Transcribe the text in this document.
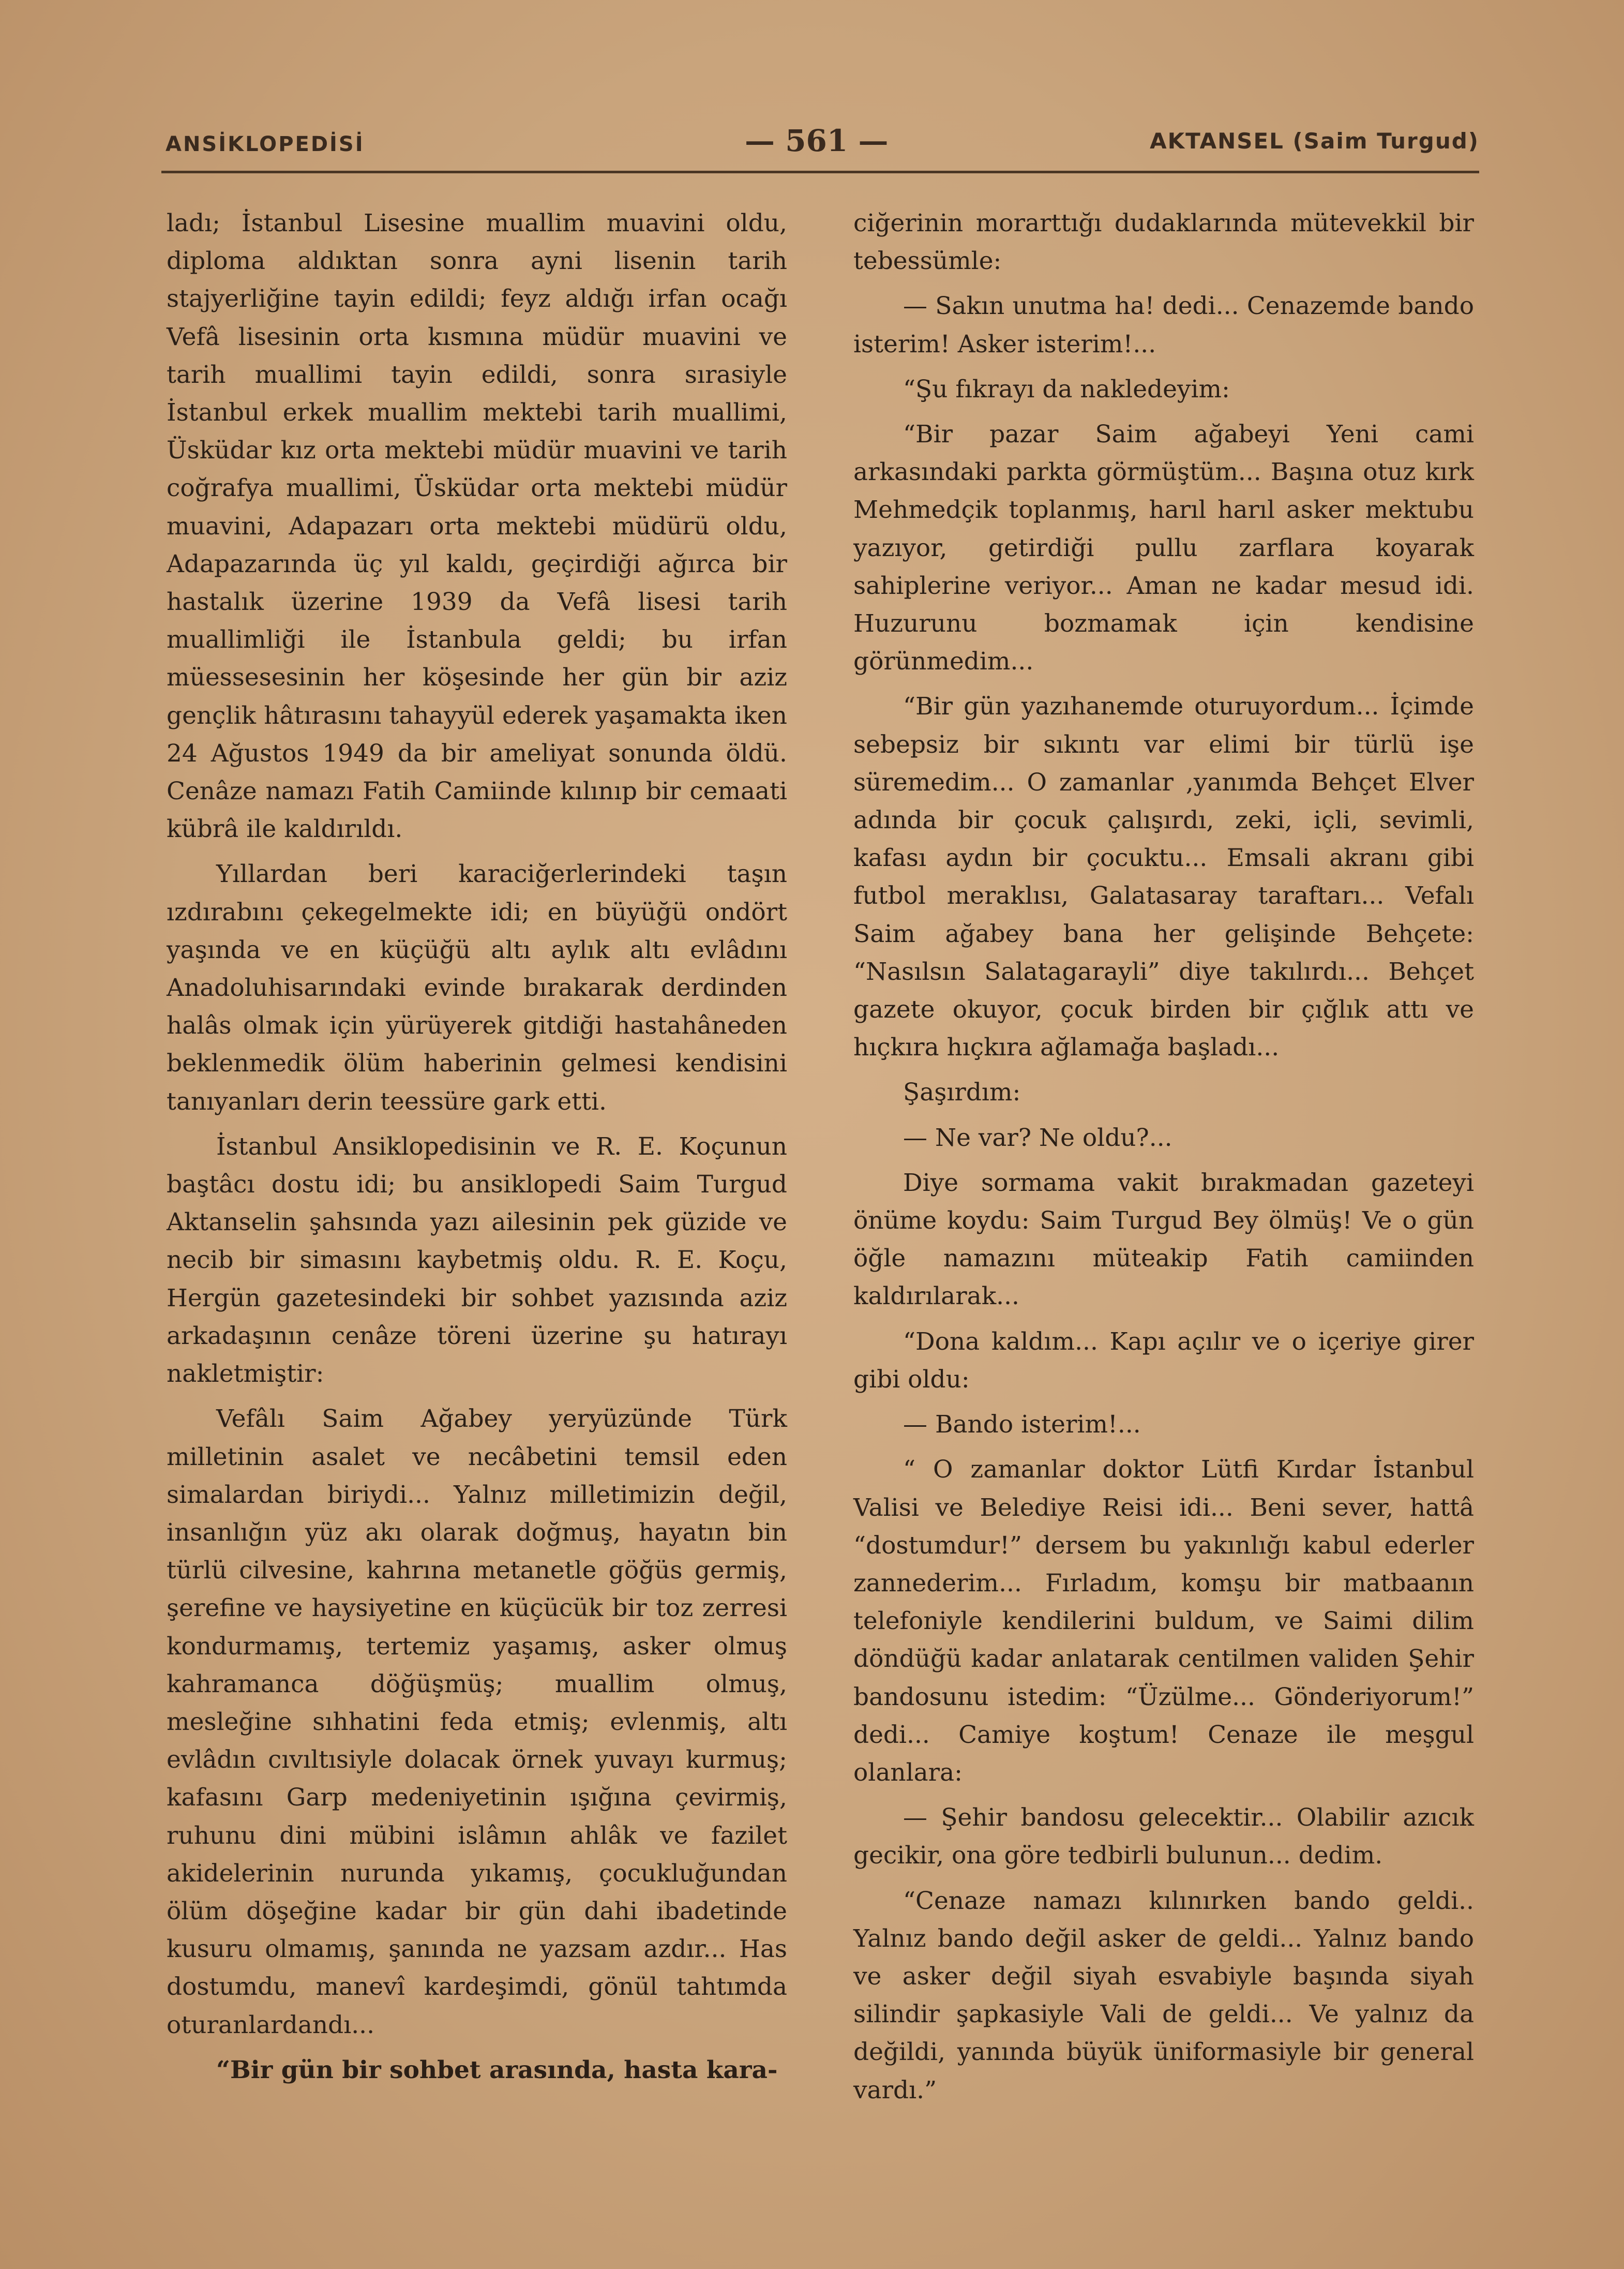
ANSİKLOPEDİSİ	— 561 —	AKTANSEL (Saim Turgud)

ladı; İstanbul Lisesine muallim muavini oldu, diploma aldıktan sonra ayni lisenin tarih stajyerliğine tayin edildi; feyz aldığı irfan ocağı Vefâ lisesinin orta kısmına müdür muavini ve tarih muallimi tayin edildi, sonra sırasiyle İstanbul erkek muallim mektebi tarih muallimi, Üsküdar kız orta mektebi müdür muavini ve tarih coğrafya muallimi, Üsküdar orta mektebi müdür muavini, Adapazarı orta mektebi müdürü oldu, Adapazarında üç yıl kaldı, geçirdiği ağırca bir hastalık üzerine 1939 da Vefâ lisesi tarih muallimliği ile İstanbula geldi; bu irfan müessesesinin her köşesinde her gün bir aziz gençlik hâtırasını tahayyül ederek yaşamakta iken 24 Ağustos 1949 da bir ameliyat sonunda öldü. Cenâze namazı Fatih Camiinde kılınıp bir cemaati kübrâ ile kaldırıldı.

Yıllardan beri karaciğerlerindeki taşın ızdırabını çekegelmekte idi; en büyüğü ondört yaşında ve en küçüğü altı aylık altı evlâdını Anadoluhisarındaki evinde bırakarak derdinden halâs olmak için yürüyerek gitdiği hastahâneden beklenmedik ölüm haberinin gelmesi kendisini tanıyanları derin teessüre gark etti.

İstanbul Ansiklopedisinin ve R. E. Koçunun baştâcı dostu idi; bu ansiklopedi Saim Turgud Aktanselin şahsında yazı ailesinin pek güzide ve necib bir simasını kaybetmiş oldu. R. E. Koçu, Hergün gazetesindeki bir sohbet yazısında aziz arkadaşının cenâze töreni üzerine şu hatırayı nakletmiştir:

Vefâlı Saim Ağabey yeryüzünde Türk milletinin asalet ve necâbetini temsil eden simalardan biriydi... Yalnız milletimizin değil, insanlığın yüz akı olarak doğmuş, hayatın bin türlü cilvesine, kahrına metanetle göğüs germiş, şerefine ve haysiyetine en küçücük bir toz zerresi kondurmamış, tertemiz yaşamış, asker olmuş kahramanca döğüşmüş; muallim olmuş, mesleğine sıhhatini feda etmiş; evlenmiş, altı evlâdın cıvıltısiyle dolacak örnek yuvayı kurmuş; kafasını Garp medeniyetinin ışığına çevirmiş, ruhunu dini mübini islâmın ahlâk ve fazilet akidelerinin nurunda yıkamış, çocukluğundan ölüm döşeğine kadar bir gün dahi ibadetinde kusuru olmamış, şanında ne yazsam azdır... Has dostumdu, manevî kardeşimdi, gönül tahtımda oturanlardandı...

“Bir gün bir sohbet arasında, hasta kara-

ciğerinin morarttığı dudaklarında mütevekkil bir tebessümle:

— Sakın unutma ha! dedi... Cenazemde bando isterim! Asker isterim!...

“Şu fıkrayı da nakledeyim:

“Bir pazar Saim ağabeyi Yeni cami arkasındaki parkta görmüştüm... Başına otuz kırk Mehmedçik toplanmış, harıl harıl asker mektubu yazıyor, getirdiği pullu zarflara koyarak sahiplerine veriyor... Aman ne kadar mesud idi. Huzurunu bozmamak için kendisine görünmedim...

“Bir gün yazıhanemde oturuyordum... İçimde sebepsiz bir sıkıntı var elimi bir türlü işe süremedim... O zamanlar ,yanımda Behçet Elver adında bir çocuk çalışırdı, zeki, içli, sevimli, kafası aydın bir çocuktu... Emsali akranı gibi futbol meraklısı, Galatasaray taraftarı... Vefalı Saim ağabey bana her gelişinde Behçete: “Nasılsın Salatagarayli” diye takılırdı... Behçet gazete okuyor, çocuk birden bir çığlık attı ve hıçkıra hıçkıra ağlamağa başladı...

Şaşırdım:

— Ne var? Ne oldu?...

Diye sormama vakit bırakmadan gazeteyi önüme koydu: Saim Turgud Bey ölmüş! Ve o gün öğle namazını müteakip Fatih camiinden kaldırılarak...

“Dona kaldım... Kapı açılır ve o içeriye girer gibi oldu:

— Bando isterim!...

“ O zamanlar doktor Lütfi Kırdar İstanbul Valisi ve Belediye Reisi idi... Beni sever, hattâ “dostumdur!” dersem bu yakınlığı kabul ederler zannederim... Fırladım, komşu bir matbaanın telefoniyle kendilerini buldum, ve Saimi dilim döndüğü kadar anlatarak centilmen validen Şehir bandosunu istedim: “Üzülme... Gönderiyorum!” dedi... Camiye koştum! Cenaze ile meşgul olanlara:

— Şehir bandosu gelecektir... Olabilir azıcık gecikir, ona göre tedbirli bulunun... dedim.

“Cenaze namazı kılınırken bando geldi.. Yalnız bando değil asker de geldi... Yalnız bando ve asker değil siyah esvabiyle başında siyah silindir şapkasiyle Vali de geldi... Ve yalnız da değildi, yanında büyük üniformasiyle bir general vardı.”
